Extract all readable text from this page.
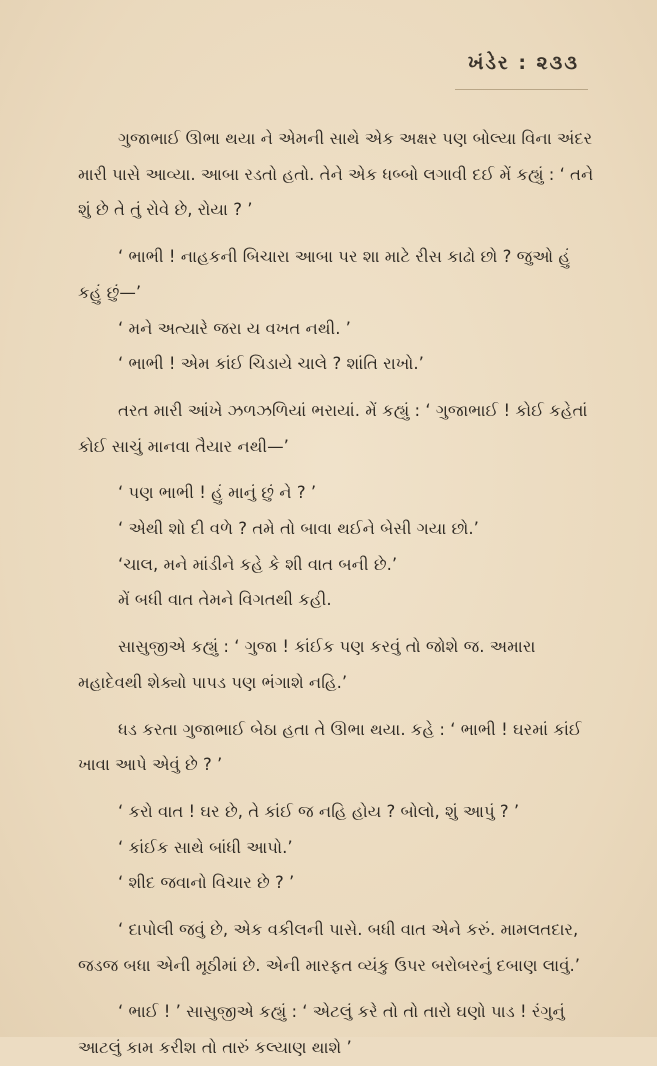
ખંડેર : ૨૩૩

ગુજાભાઈ ઊભા થયા ને એમની સાથે એક અક્ષર પણ બોલ્યા વિના અંદર મારી પાસે આવ્યા. આબા રડતો હતો. તેને એક ધબ્બો લગાવી દઈ મેં કહ્યું : ‘ તને શું છે તે તું રોવે છે, રોયા ? ’

‘ ભાભી ! નાહકની બિચારા આબા પર શા માટે રીસ કાઢો છો ? જુઓ હું કહું છું—’

‘ મને અત્યારે જરા ય વખત નથી. ’

‘ ભાભી ! એમ કાંઈ ચિડાયે ચાલે ? શાંતિ રાખો.’

તરત મારી આંખે ઝળઝળિયાં ભરાયાં. મેં કહ્યું : ‘ ગુજાભાઈ ! કોઈ કહેતાં કોઈ સાચું માનવા તૈયાર નથી—’

‘ પણ ભાભી ! હું માનું છું ને ? ’

‘ એથી શો દી વળે ? તમે તો બાવા થઈને બેસી ગયા છો.’

‘ચાલ, મને માંડીને કહે કે શી વાત બની છે.’

મેં બધી વાત તેમને વિગતથી કહી.

સાસુજીએ કહ્યું : ‘ ગુજા ! કાંઈક પણ કરવું તો જોશે જ. અમારા મહાદેવથી શેક્યો પાપડ પણ ભંગાશે નહિ.’

ધડ કરતા ગુજાભાઈ બેઠા હતા તે ઊભા થયા. કહે : ‘ ભાભી ! ઘરમાં કાંઈ ખાવા આપે એવું છે ? ’

‘ કરો વાત ! ઘર છે, તે કાંઈ જ નહિ હોય ? બોલો, શું આપું ? ’

‘ કાંઈક સાથે બાંધી આપો.’

‘ શીદ જવાનો વિચાર છે ? ’

‘ દાપોલી જવું છે, એક વકીલની પાસે. બધી વાત એને કરું. મામલતદાર, જડજ બધા એની મૂઠીમાં છે. એની મારફત વ્યંકુ ઉપર બરોબરનું દબાણ લાવું.’

‘ ભાઈ ! ’ સાસુજીએ કહ્યું : ‘ એટલું કરે તો તો તારો ઘણો પાડ ! રંગુનું આટલું કામ કરીશ તો તારું કલ્યાણ થાશે ’
